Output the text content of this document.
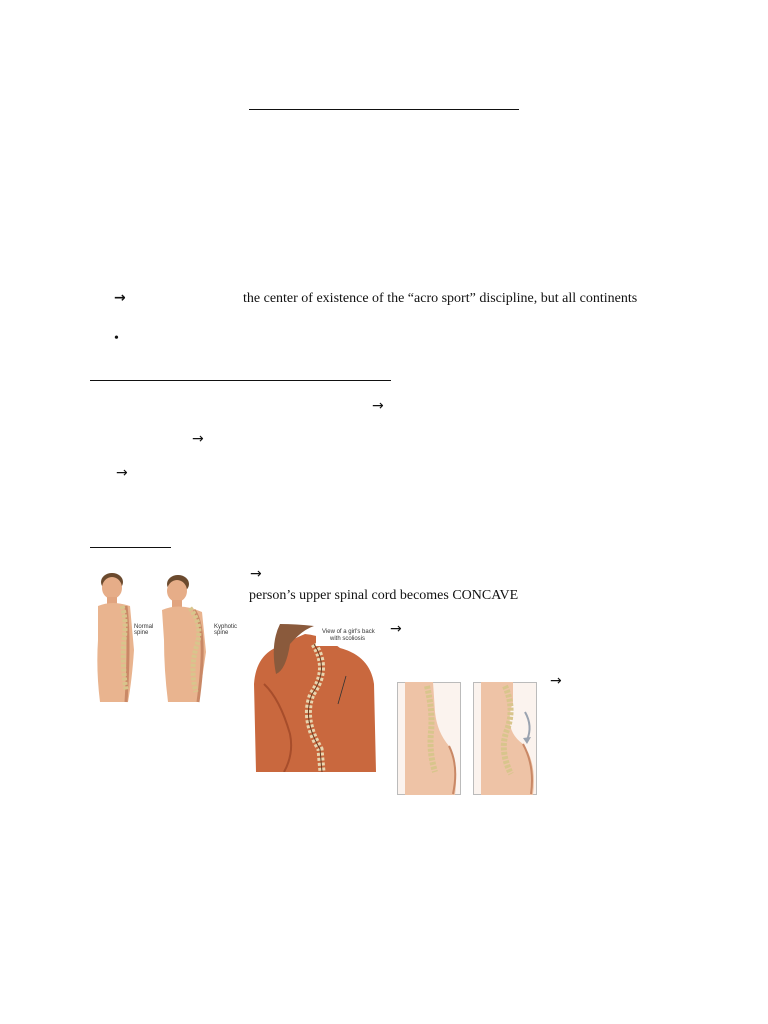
→	the center of existence of the “acro sport” discipline, but all continents
•
→
→
→
→
person’s upper spinal cord becomes CONCAVE
→
→
Normal
spine
Kyphotic
spine	View of a girl's back
with scoliosis
